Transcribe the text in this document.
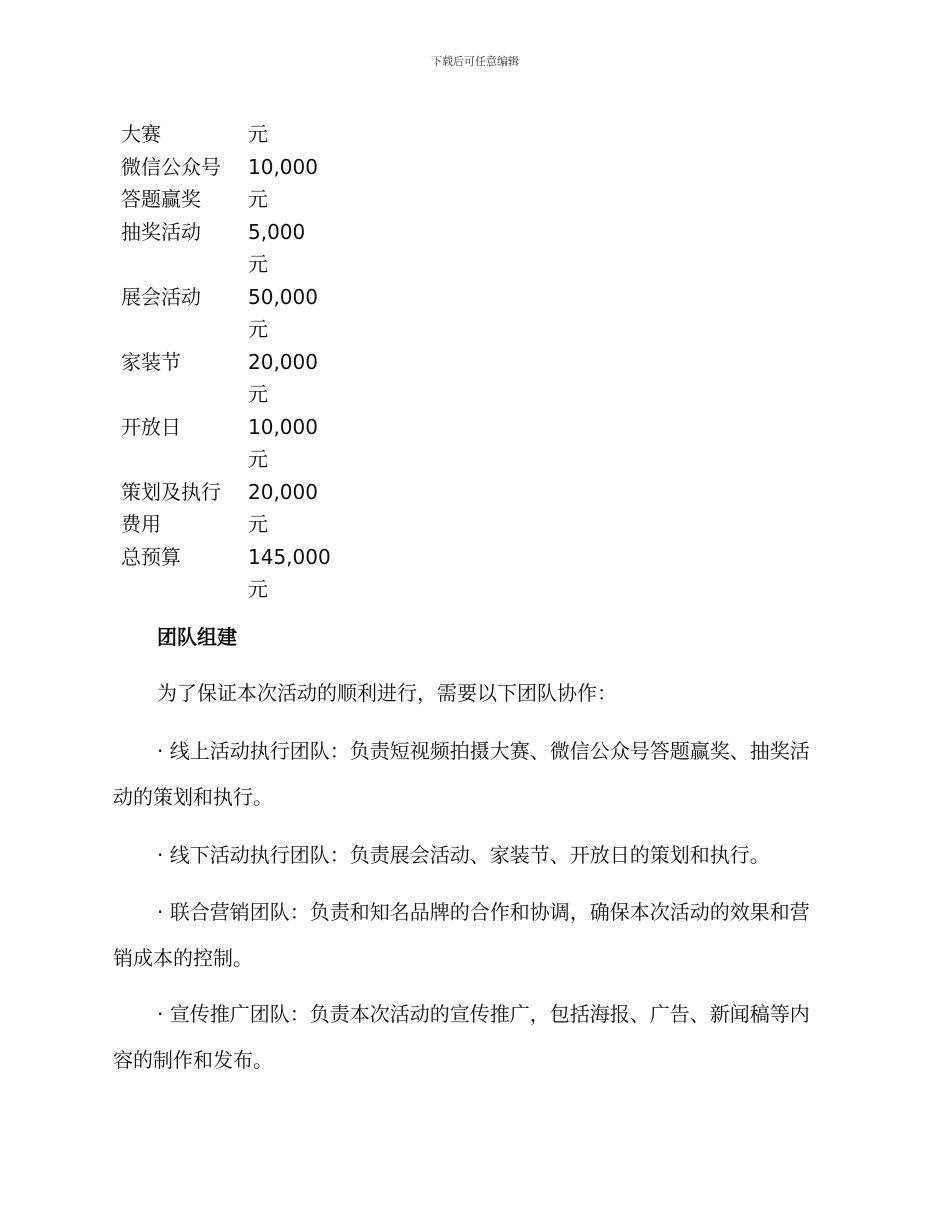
下载后可任意编辑
大赛	元

微信公众号
答题赢奖	10,000
元

抽奖活动	5,000
元

展会活动	50,000
元

家装节	20,000
元

开放日	10,000
元

策划及执行
费用	20,000
元

总预算	145,000
元
团队组建

为了保证本次活动的顺利进行，需要以下团队协作：

· 线上活动执行团队：负责短视频拍摄大赛、微信公众号答题赢奖、抽奖活动的策划和执行。

· 线下活动执行团队：负责展会活动、家装节、开放日的策划和执行。

· 联合营销团队：负责和知名品牌的合作和协调，确保本次活动的效果和营销成本的控制。

· 宣传推广团队：负责本次活动的宣传推广，包括海报、广告、新闻稿等内容的制作和发布。
